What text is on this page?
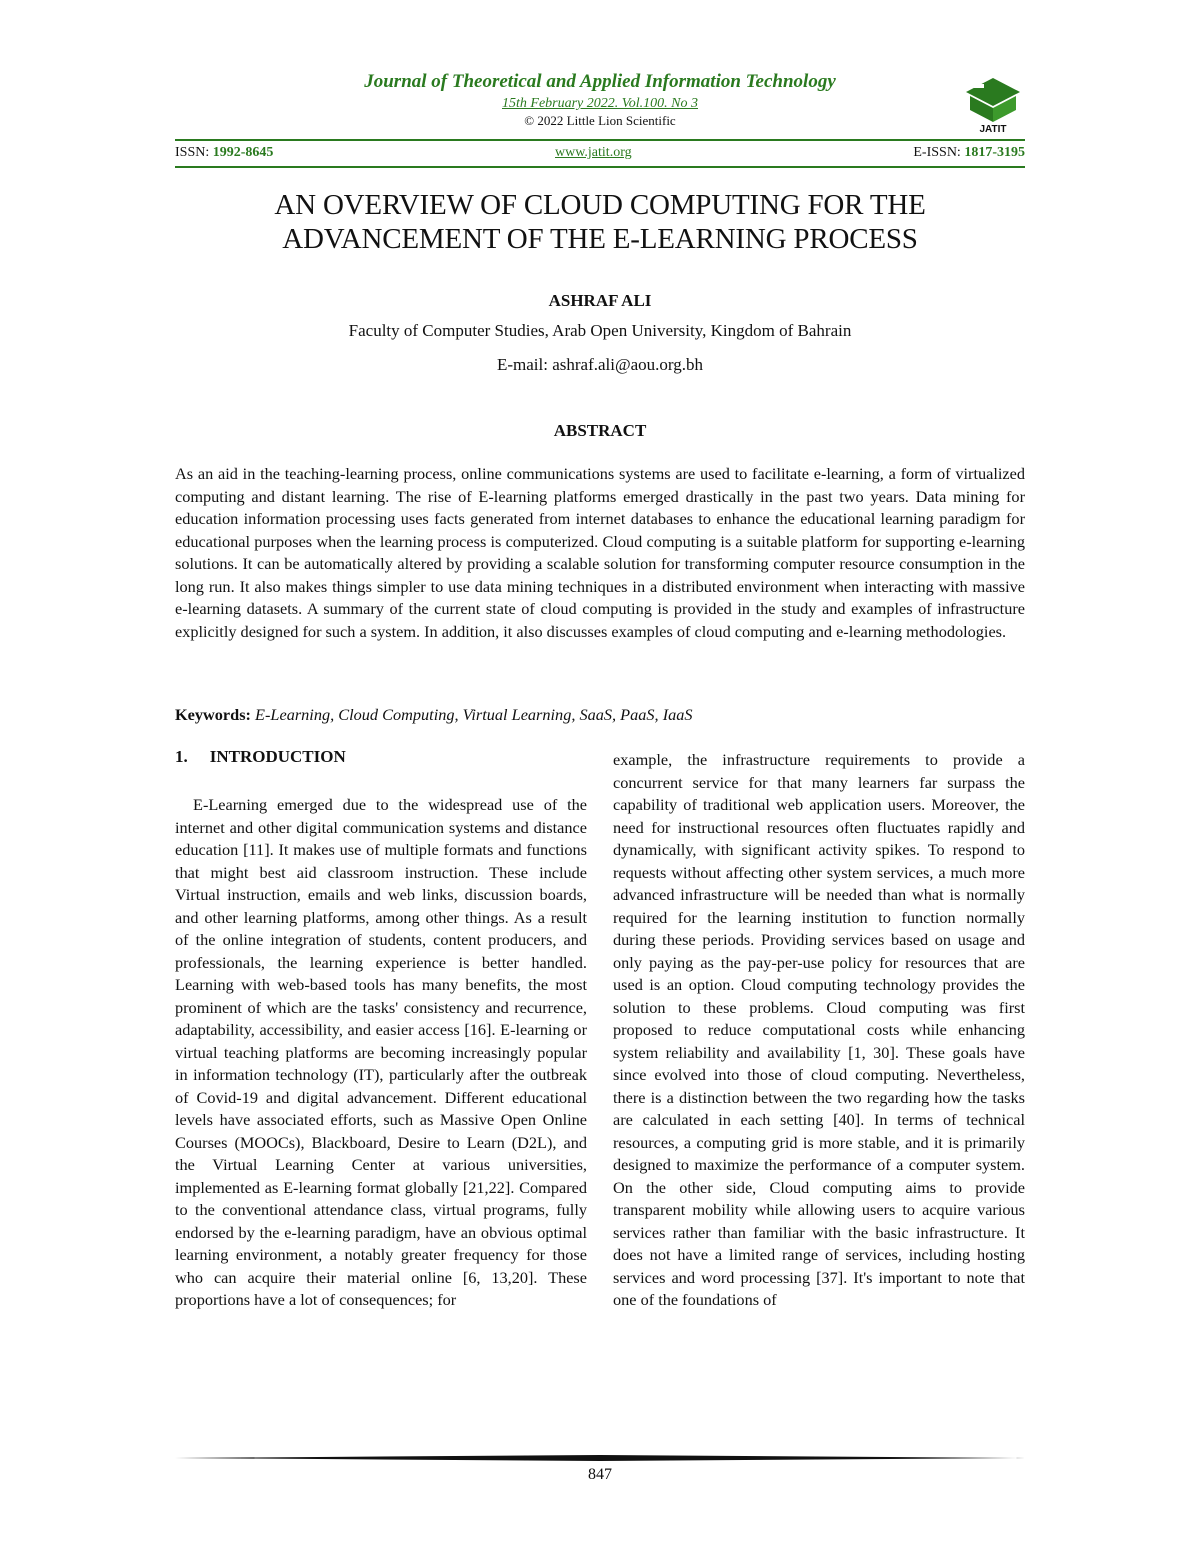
Journal of Theoretical and Applied Information Technology
15th February 2022. Vol.100. No 3
© 2022 Little Lion Scientific
JATIT
ISSN: 1992-8645	www.jatit.org	E-ISSN: 1817-3195
AN OVERVIEW OF CLOUD COMPUTING FOR THE
ADVANCEMENT OF THE E-LEARNING PROCESS
ASHRAF ALI
Faculty of Computer Studies, Arab Open University, Kingdom of Bahrain
E-mail: ashraf.ali@aou.org.bh
ABSTRACT
As an aid in the teaching-learning process, online communications systems are used to facilitate e-learning, a form of virtualized computing and distant learning. The rise of E-learning platforms emerged drastically in the past two years. Data mining for education information processing uses facts generated from internet databases to enhance the educational learning paradigm for educational purposes when the learning process is computerized. Cloud computing is a suitable platform for supporting e-learning solutions. It can be automatically altered by providing a scalable solution for transforming computer resource consumption in the long run. It also makes things simpler to use data mining techniques in a distributed environment when interacting with massive e-learning datasets. A summary of the current state of cloud computing is provided in the study and examples of infrastructure explicitly designed for such a system. In addition, it also discusses examples of cloud computing and e-learning methodologies.
Keywords: E-Learning, Cloud Computing, Virtual Learning, SaaS, PaaS, IaaS
1. INTRODUCTION
E-Learning emerged due to the widespread use of the internet and other digital communication systems and distance education [11]. It makes use of multiple formats and functions that might best aid classroom instruction. These include Virtual instruction, emails and web links, discussion boards, and other learning platforms, among other things. As a result of the online integration of students, content producers, and professionals, the learning experience is better handled. Learning with web-based tools has many benefits, the most prominent of which are the tasks' consistency and recurrence, adaptability, accessibility, and easier access [16]. E-learning or virtual teaching platforms are becoming increasingly popular in information technology (IT), particularly after the outbreak of Covid-19 and digital advancement. Different educational levels have associated efforts, such as Massive Open Online Courses (MOOCs), Blackboard, Desire to Learn (D2L), and the Virtual Learning Center at various universities, implemented as E-learning format globally [21,22]. Compared to the conventional attendance class, virtual programs, fully endorsed by the e-learning paradigm, have an obvious optimal learning environment, a notably greater frequency for those who can acquire their material online [6, 13,20]. These proportions have a lot of consequences; for
example, the infrastructure requirements to provide a concurrent service for that many learners far surpass the capability of traditional web application users. Moreover, the need for instructional resources often fluctuates rapidly and dynamically, with significant activity spikes. To respond to requests without affecting other system services, a much more advanced infrastructure will be needed than what is normally required for the learning institution to function normally during these periods. Providing services based on usage and only paying as the pay-per-use policy for resources that are used is an option. Cloud computing technology provides the solution to these problems. Cloud computing was first proposed to reduce computational costs while enhancing system reliability and availability [1, 30]. These goals have since evolved into those of cloud computing. Nevertheless, there is a distinction between the two regarding how the tasks are calculated in each setting [40]. In terms of technical resources, a computing grid is more stable, and it is primarily designed to maximize the performance of a computer system. On the other side, Cloud computing aims to provide transparent mobility while allowing users to acquire various services rather than familiar with the basic infrastructure. It does not have a limited range of services, including hosting services and word processing [37]. It's important to note that one of the foundations of
847
